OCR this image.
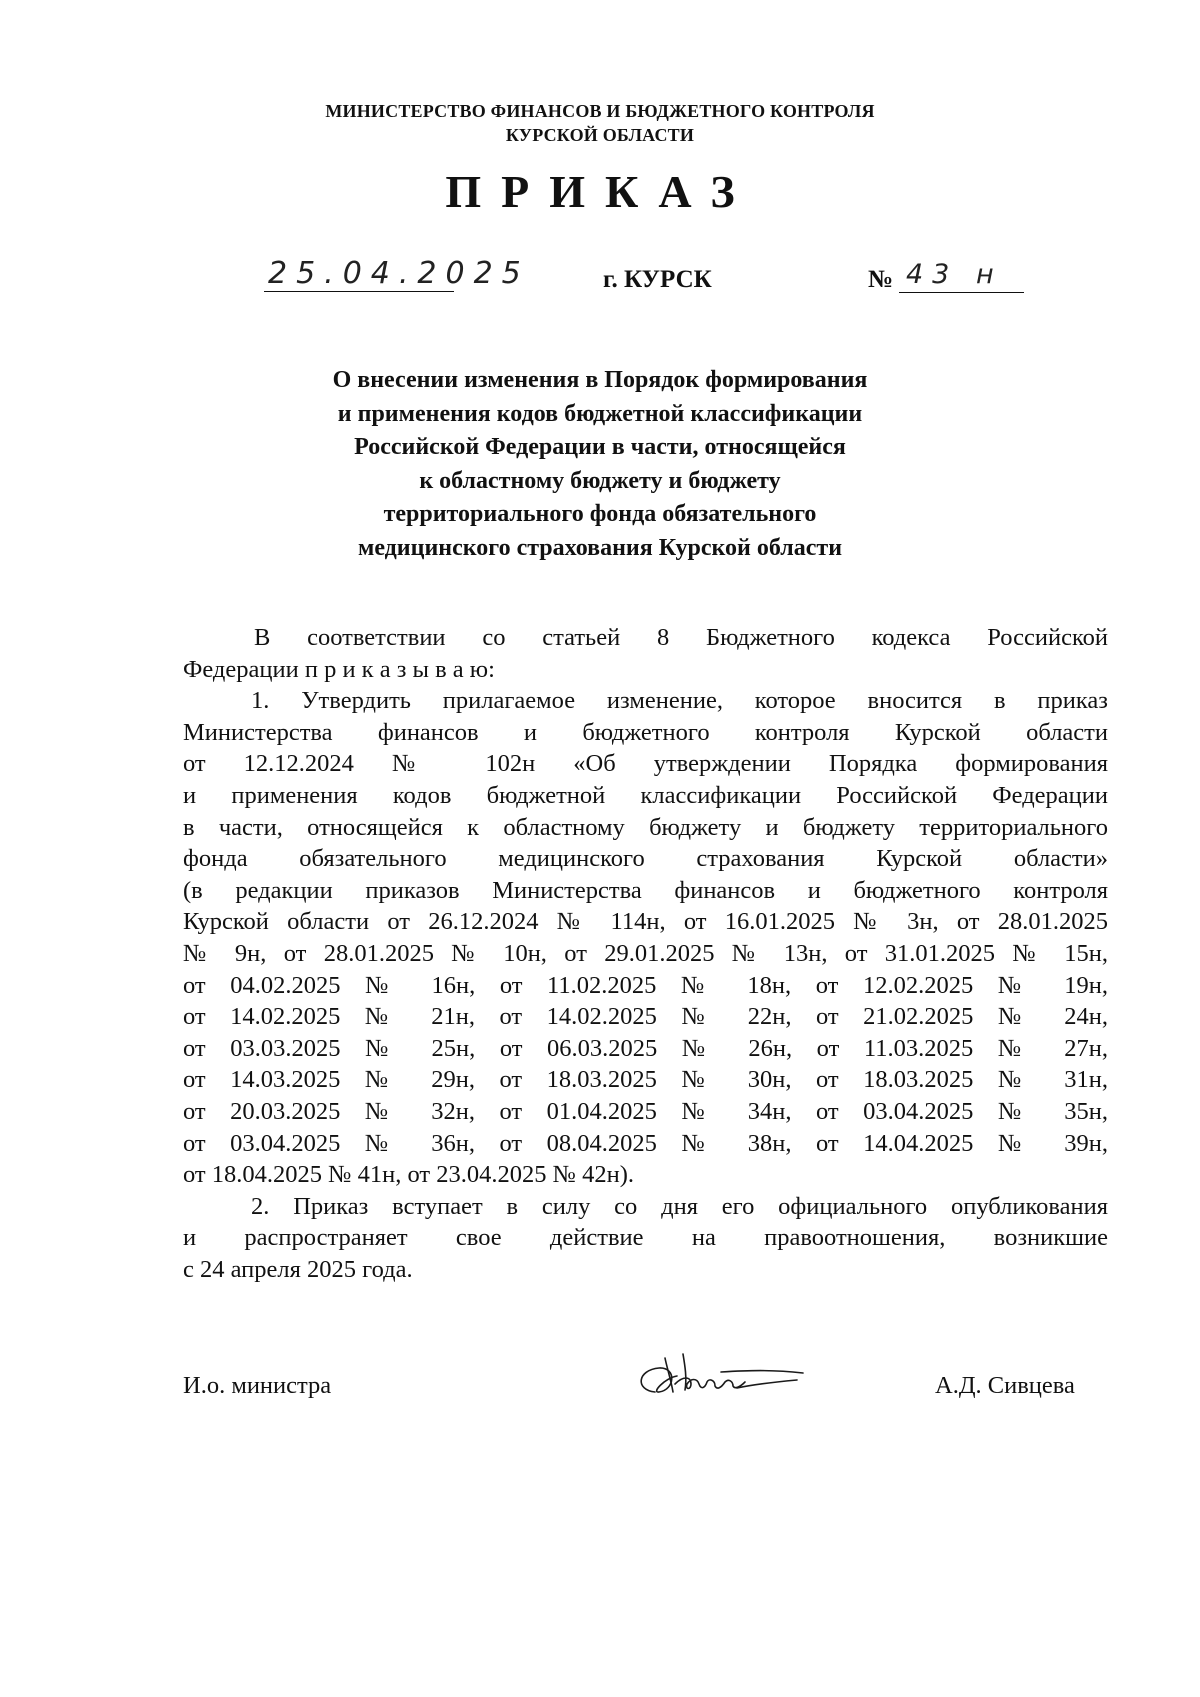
МИНИСТЕРСТВО ФИНАНСОВ И БЮДЖЕТНОГО КОНТРОЛЯ
КУРСКОЙ ОБЛАСТИ
ПРИКАЗ
25.04.2025	г. КУРСК	№ 43 н
О внесении изменения в Порядок формирования
и применения кодов бюджетной классификации
Российской Федерации в части, относящейся
к областному бюджету и бюджету
территориального фонда обязательного
медицинского страхования Курской области
В соответствии со статьей 8 Бюджетного кодекса Российской
Федерации п р и к а з ы в а ю:
1. Утвердить прилагаемое изменение, которое вносится в приказ
Министерства финансов и бюджетного контроля Курской области
от 12.12.2024 № 102н «Об утверждении Порядка формирования
и применения кодов бюджетной классификации Российской Федерации
в части, относящейся к областному бюджету и бюджету территориального
фонда обязательного медицинского страхования Курской области»
(в редакции приказов Министерства финансов и бюджетного контроля
Курской области от 26.12.2024 № 114н, от 16.01.2025 № 3н, от 28.01.2025
№ 9н, от 28.01.2025 № 10н, от 29.01.2025 № 13н, от 31.01.2025 № 15н,
от 04.02.2025 № 16н, от 11.02.2025 № 18н, от 12.02.2025 № 19н,
от 14.02.2025 № 21н, от 14.02.2025 № 22н, от 21.02.2025 № 24н,
от 03.03.2025 № 25н, от 06.03.2025 № 26н, от 11.03.2025 № 27н,
от 14.03.2025 № 29н, от 18.03.2025 № 30н, от 18.03.2025 № 31н,
от 20.03.2025 № 32н, от 01.04.2025 № 34н, от 03.04.2025 № 35н,
от 03.04.2025 № 36н, от 08.04.2025 № 38н, от 14.04.2025 № 39н,
от 18.04.2025 № 41н, от 23.04.2025 № 42н).
2. Приказ вступает в силу со дня его официального опубликования
и распространяет свое действие на правоотношения, возникшие
с 24 апреля 2025 года.
И.о. министра	А.Д. Сивцева
